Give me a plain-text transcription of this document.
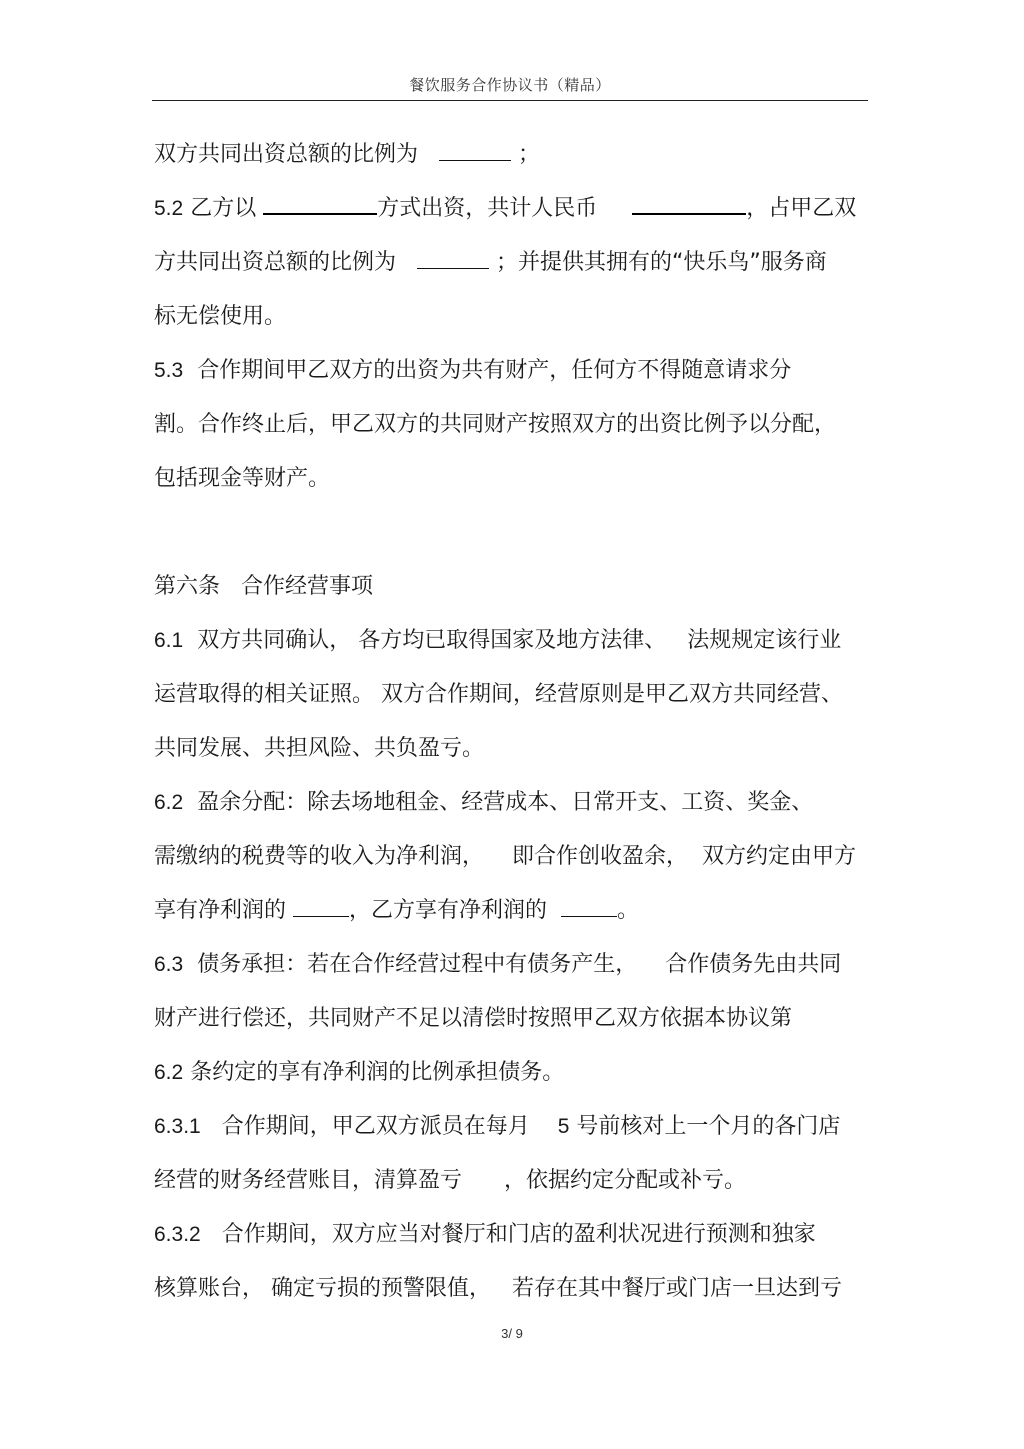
餐饮服务合作协议书（精品）
双方共同出资总额的比例为	；
5.2 乙方以	方式出资，共计人民币	，占甲乙双
方共同出资总额的比例为	；并提供其拥有的“快乐鸟”服务商
标无偿使用。
5.3 合作期间甲乙双方的出资为共有财产，任何方不得随意请求分
割。合作终止后，甲乙双方的共同财产按照双方的出资比例予以分配，
包括现金等财产。
第六条 合作经营事项
6.1 双方共同确认， 各方均已取得国家及地方法律、 法规规定该行业
运营取得的相关证照。 双方合作期间，经营原则是甲乙双方共同经营、
共同发展、共担风险、共负盈亏。
6.2 盈余分配：除去场地租金、经营成本、日常开支、工资、奖金、
需缴纳的税费等的收入为净利润， 即合作创收盈余， 双方约定由甲方
享有净利润的	，乙方享有净利润的	。
6.3 债务承担：若在合作经营过程中有债务产生， 合作债务先由共同
财产进行偿还，共同财产不足以清偿时按照甲乙双方依据本协议第
6.2 条约定的享有净利润的比例承担债务。
6.3.1 合作期间，甲乙双方派员在每月 5 号前核对上一个月的各门店
经营的财务经营账目，清算盈亏 ，依据约定分配或补亏。
6.3.2 合作期间，双方应当对餐厅和门店的盈利状况进行预测和独家
核算账台， 确定亏损的预警限值， 若存在其中餐厅或门店一旦达到亏
3/ 9
